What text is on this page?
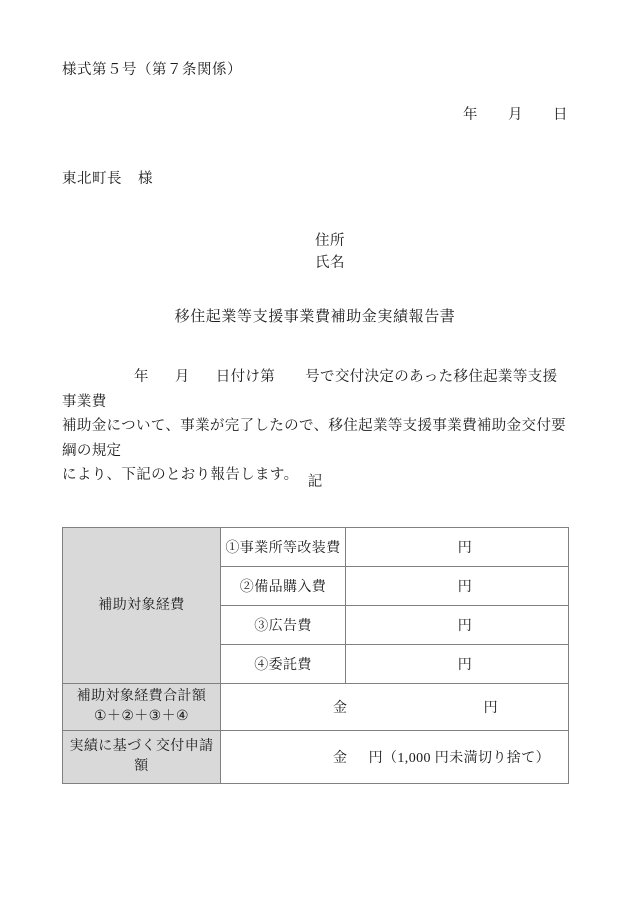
様式第５号（第７条関係）
年 月 日
東北町長 様
住所
氏名
移住起業等支援事業費補助金実績報告書
年 月 日付け第 号で交付決定のあった移住起業等支援事業費
補助金について、事業が完了したので、移住起業等支援事業費補助金交付要綱の規定
により、下記のとおり報告します。 記
補助対象経費	①事業所等改装費	円

	②備品購入費	円

	③広告費	円

	④委託費	円

補助対象経費合計額
①＋②＋③＋④	金 円	

実績に基づく交付申請額	金 円（1,000 円未満切り捨て）	
